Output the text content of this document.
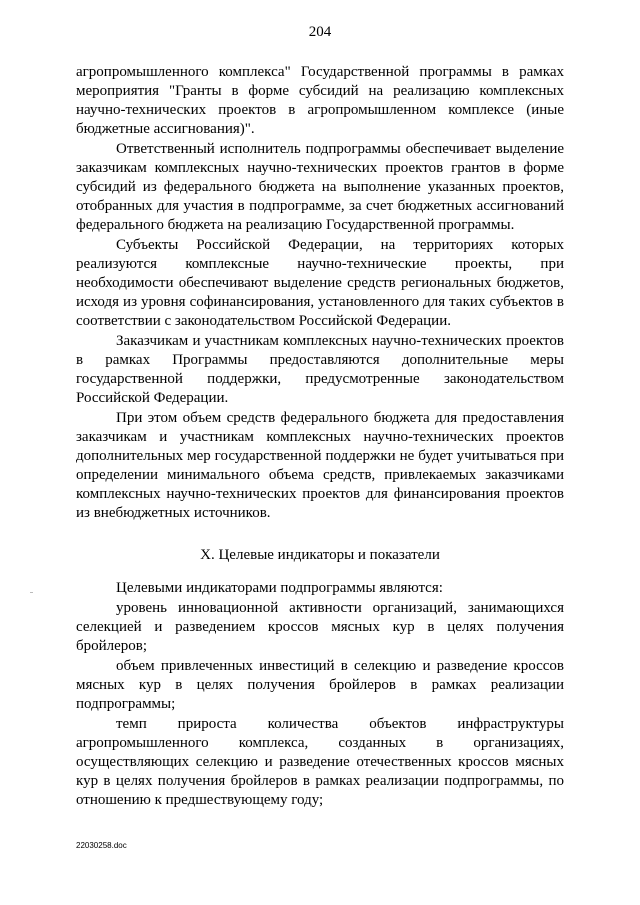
204

агропромышленного комплекса" Государственной программы в рамках мероприятия "Гранты в форме субсидий на реализацию комплексных научно-технических проектов в агропромышленном комплексе (иные бюджетные ассигнования)".

Ответственный исполнитель подпрограммы обеспечивает выделение заказчикам комплексных научно-технических проектов грантов в форме субсидий из федерального бюджета на выполнение указанных проектов, отобранных для участия в подпрограмме, за счет бюджетных ассигнований федерального бюджета на реализацию Государственной программы.

Субъекты Российской Федерации, на территориях которых реализуются комплексные научно-технические проекты, при необходимости обеспечивают выделение средств региональных бюджетов, исходя из уровня софинансирования, установленного для таких субъектов в соответствии с законодательством Российской Федерации.

Заказчикам и участникам комплексных научно-технических проектов в рамках Программы предоставляются дополнительные меры государственной поддержки, предусмотренные законодательством Российской Федерации.

При этом объем средств федерального бюджета для предоставления заказчикам и участникам комплексных научно-технических проектов дополнительных мер государственной поддержки не будет учитываться при определении минимального объема средств, привлекаемых заказчиками комплексных научно-технических проектов для финансирования проектов из внебюджетных источников.

X. Целевые индикаторы и показатели

Целевыми индикаторами подпрограммы являются:

уровень инновационной активности организаций, занимающихся селекцией и разведением кроссов мясных кур в целях получения бройлеров;

объем привлеченных инвестиций в селекцию и разведение кроссов мясных кур в целях получения бройлеров в рамках реализации подпрограммы;

темп прироста количества объектов инфраструктуры агропромышленного комплекса, созданных в организациях, осуществляющих селекцию и разведение отечественных кроссов мясных кур в целях получения бройлеров в рамках реализации подпрограммы, по отношению к предшествующему году;

22030258.doc
